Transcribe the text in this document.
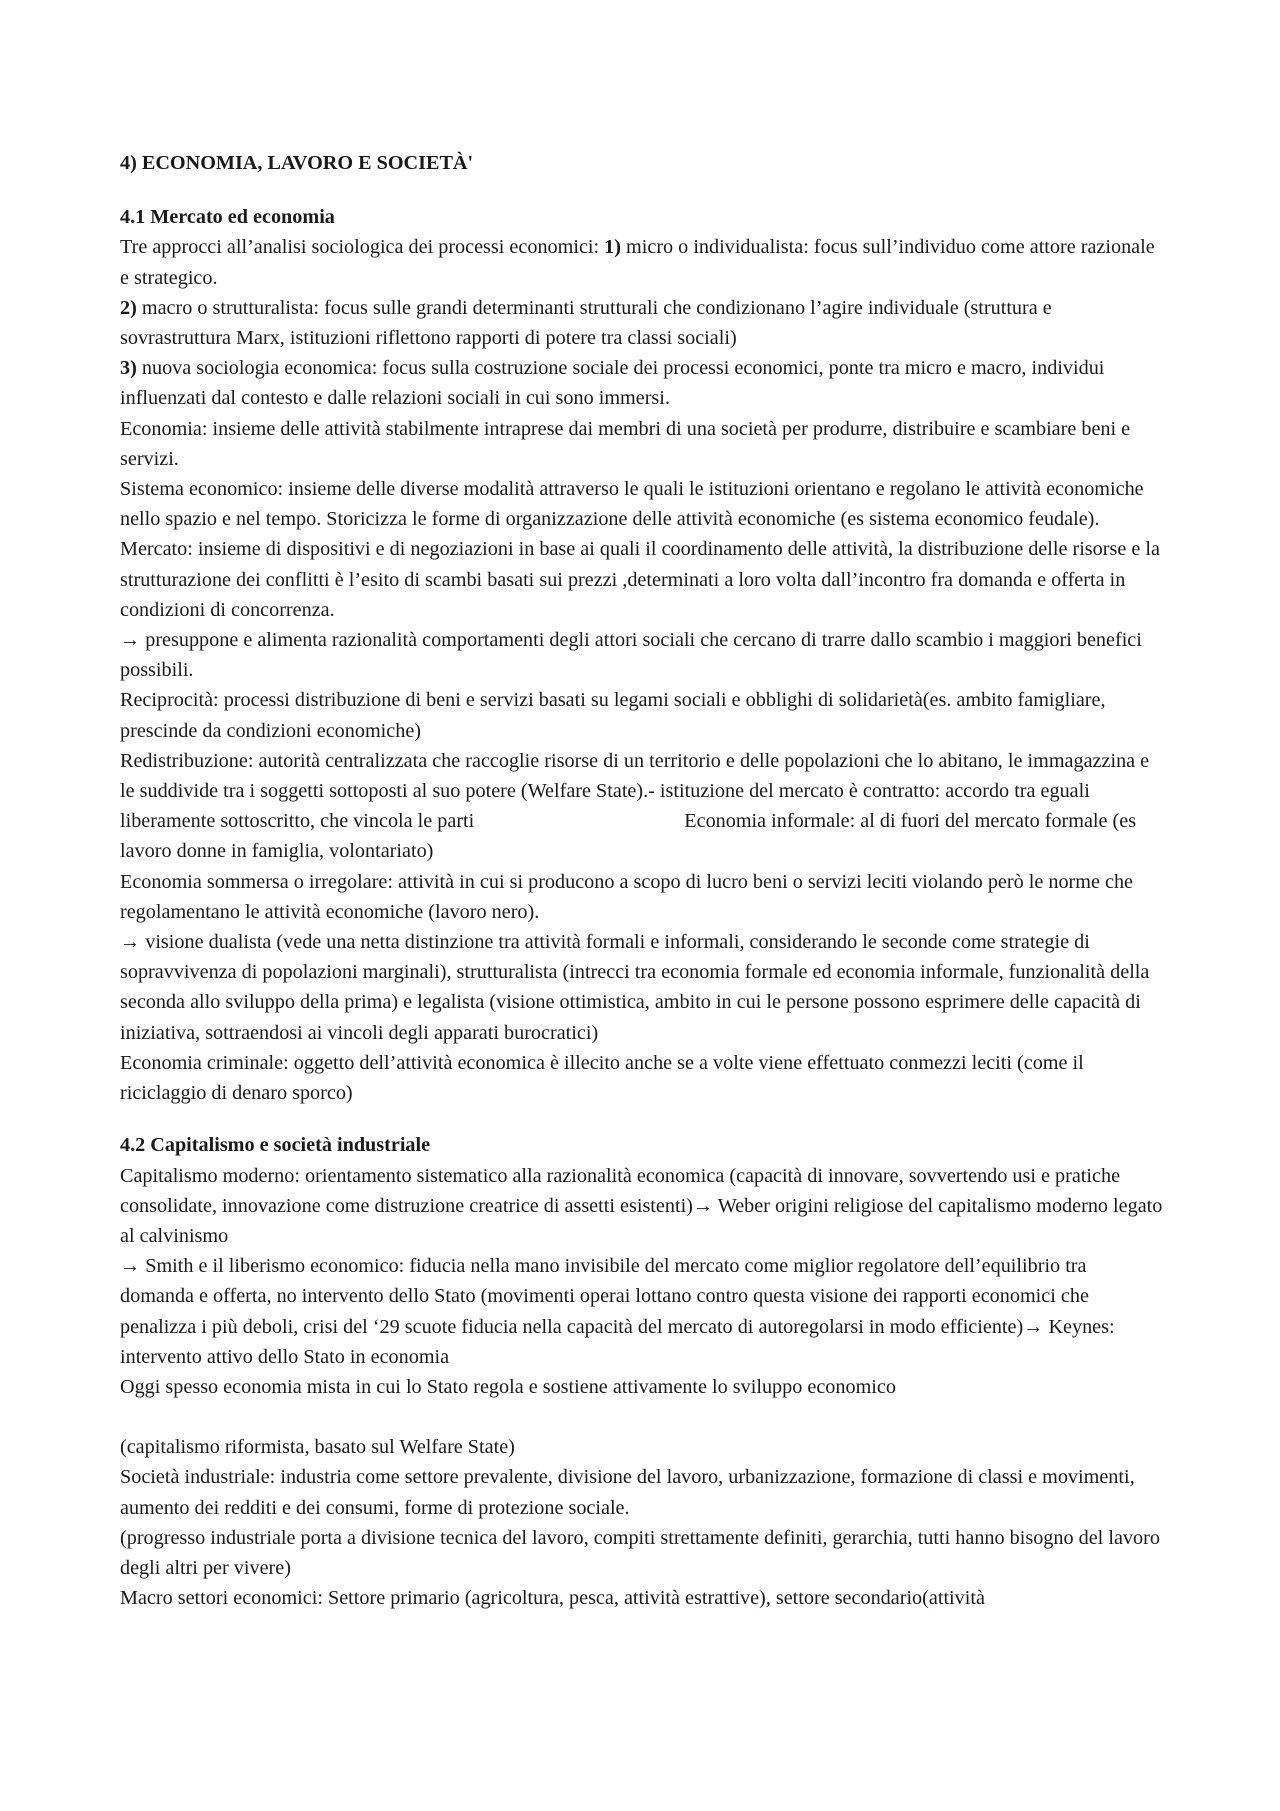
4) ECONOMIA, LAVORO E SOCIETÀ'

4.1 Mercato ed economia

Tre approcci all’analisi sociologica dei processi economici: 1) micro o individualista: focus sull’individuo come attore razionale e strategico.

2) macro o strutturalista: focus sulle grandi determinanti strutturali che condizionano l’agire individuale (struttura e sovrastruttura Marx, istituzioni riflettono rapporti di potere tra classi sociali)

3) nuova sociologia economica: focus sulla costruzione sociale dei processi economici, ponte tra micro e macro, individui influenzati dal contesto e dalle relazioni sociali in cui sono immersi.

Economia: insieme delle attività stabilmente intraprese dai membri di una società per produrre, distribuire e scambiare beni e servizi.

Sistema economico: insieme delle diverse modalità attraverso le quali le istituzioni orientano e regolano le attività economiche nello spazio e nel tempo. Storicizza le forme di organizzazione delle attività economiche (es sistema economico feudale).

Mercato: insieme di dispositivi e di negoziazioni in base ai quali il coordinamento delle attività, la distribuzione delle risorse e la strutturazione dei conflitti è l’esito di scambi basati sui prezzi ,determinati a loro volta dall’incontro fra domanda e offerta in condizioni di concorrenza.

→ presuppone e alimenta razionalità comportamenti degli attori sociali che cercano di trarre dallo scambio i maggiori benefici possibili.

Reciprocità: processi distribuzione di beni e servizi basati su legami sociali e obblighi di solidarietà(es. ambito famigliare, prescinde da condizioni economiche)

Redistribuzione: autorità centralizzata che raccoglie risorse di un territorio e delle popolazioni che lo abitano, le immagazzina e le suddivide tra i soggetti sottoposti al suo potere (Welfare State).- istituzione del mercato è contratto: accordo tra eguali liberamente sottoscritto, che vincola le parti	Economia informale: al di fuori del mercato formale (es lavoro donne in famiglia, volontariato)

Economia sommersa o irregolare: attività in cui si producono a scopo di lucro beni o servizi leciti violando però le norme che regolamentano le attività economiche (lavoro nero).

→ visione dualista (vede una netta distinzione tra attività formali e informali, considerando le seconde come strategie di sopravvivenza di popolazioni marginali), strutturalista (intrecci tra economia formale ed economia informale, funzionalità della seconda allo sviluppo della prima) e legalista (visione ottimistica, ambito in cui le persone possono esprimere delle capacità di iniziativa, sottraendosi ai vincoli degli apparati burocratici)

Economia criminale: oggetto dell’attività economica è illecito anche se a volte viene effettuato conmezzi leciti (come il riciclaggio di denaro sporco)

4.2 Capitalismo e società industriale

Capitalismo moderno: orientamento sistematico alla razionalità economica (capacità di innovare, sovvertendo usi e pratiche consolidate, innovazione come distruzione creatrice di assetti esistenti)→ Weber origini religiose del capitalismo moderno legato al calvinismo

→ Smith e il liberismo economico: fiducia nella mano invisibile del mercato come miglior regolatore dell’equilibrio tra domanda e offerta, no intervento dello Stato (movimenti operai lottano contro questa visione dei rapporti economici che penalizza i più deboli, crisi del ‘29 scuote fiducia nella capacità del mercato di autoregolarsi in modo efficiente)→ Keynes: intervento attivo dello Stato in economia

Oggi spesso economia mista in cui lo Stato regola e sostiene attivamente lo sviluppo economico

(capitalismo riformista, basato sul Welfare State)

Società industriale: industria come settore prevalente, divisione del lavoro, urbanizzazione, formazione di classi e movimenti, aumento dei redditi e dei consumi, forme di protezione sociale.

(progresso industriale porta a divisione tecnica del lavoro, compiti strettamente definiti, gerarchia, tutti hanno bisogno del lavoro degli altri per vivere)

Macro settori economici: Settore primario (agricoltura, pesca, attività estrattive), settore secondario(attività
